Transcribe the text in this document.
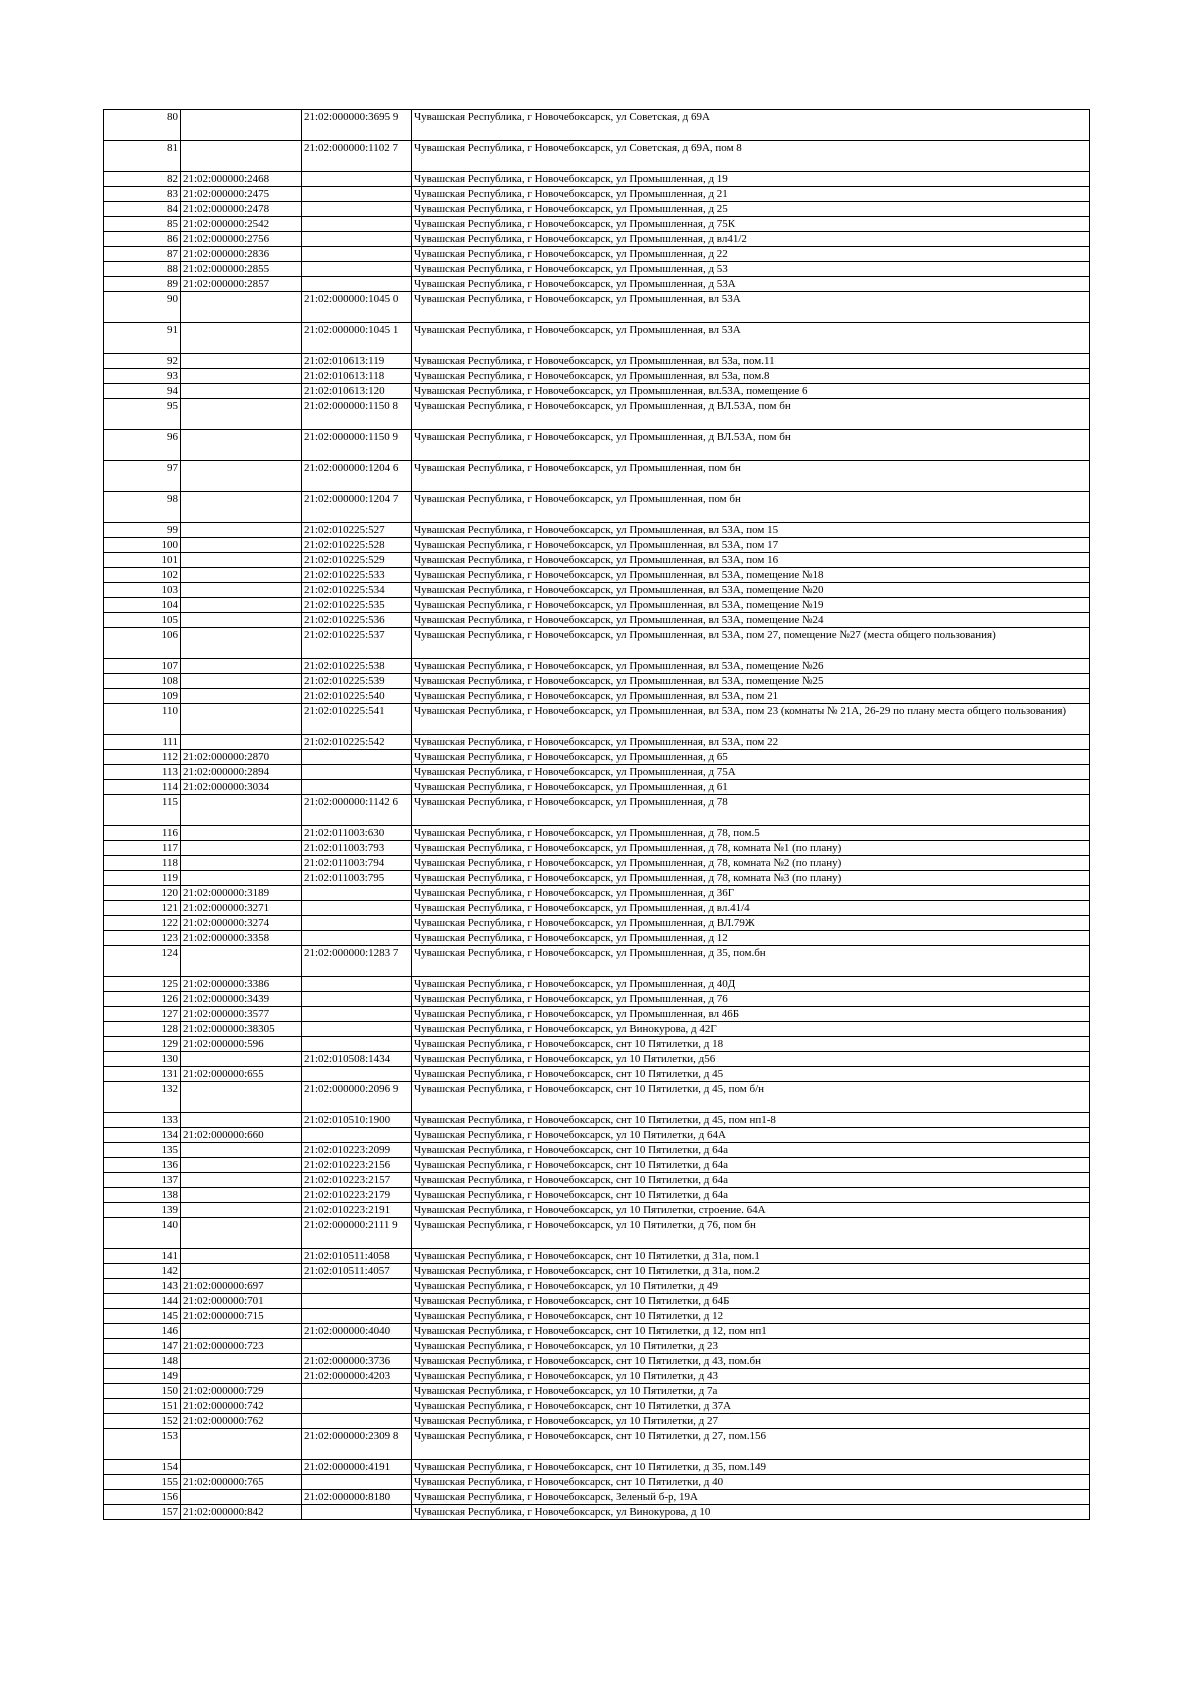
80		21:02:000000:3695 9	Чувашская Республика, г Новочебоксарск, ул Советская, д 69А
81		21:02:000000:1102 7	Чувашская Республика, г Новочебоксарск, ул Советская, д 69А, пом 8
82	21:02:000000:2468		Чувашская Республика, г Новочебоксарск, ул Промышленная, д 19
83	21:02:000000:2475		Чувашская Республика, г Новочебоксарск, ул Промышленная, д 21
84	21:02:000000:2478		Чувашская Республика, г Новочебоксарск, ул Промышленная, д 25
85	21:02:000000:2542		Чувашская Республика, г Новочебоксарск, ул Промышленная, д 75К
86	21:02:000000:2756		Чувашская Республика, г Новочебоксарск, ул Промышленная, д вл41/2
87	21:02:000000:2836		Чувашская Республика, г Новочебоксарск, ул Промышленная, д 22
88	21:02:000000:2855		Чувашская Республика, г Новочебоксарск, ул Промышленная, д 53
89	21:02:000000:2857		Чувашская Республика, г Новочебоксарск, ул Промышленная, д 53А
90		21:02:000000:1045 0	Чувашская Республика, г Новочебоксарск, ул Промышленная, вл 53А
91		21:02:000000:1045 1	Чувашская Республика, г Новочебоксарск, ул Промышленная, вл 53А
92		21:02:010613:119	Чувашская Республика, г Новочебоксарск, ул Промышленная, вл 53а, пом.11
93		21:02:010613:118	Чувашская Республика, г Новочебоксарск, ул Промышленная, вл 53а, пом.8
94		21:02:010613:120	Чувашская Республика, г Новочебоксарск, ул Промышленная, вл.53А, помещение 6
95		21:02:000000:1150 8	Чувашская Республика, г Новочебоксарск, ул Промышленная, д ВЛ.53А, пом бн
96		21:02:000000:1150 9	Чувашская Республика, г Новочебоксарск, ул Промышленная, д ВЛ.53А, пом бн
97		21:02:000000:1204 6	Чувашская Республика, г Новочебоксарск, ул Промышленная, пом бн
98		21:02:000000:1204 7	Чувашская Республика, г Новочебоксарск, ул Промышленная, пом бн
99		21:02:010225:527	Чувашская Республика, г Новочебоксарск, ул Промышленная, вл 53А, пом 15
100		21:02:010225:528	Чувашская Республика, г Новочебоксарск, ул Промышленная, вл 53А, пом 17
101		21:02:010225:529	Чувашская Республика, г Новочебоксарск, ул Промышленная, вл 53А, пом 16
102		21:02:010225:533	Чувашская Республика, г Новочебоксарск, ул Промышленная, вл 53А, помещение №18
103		21:02:010225:534	Чувашская Республика, г Новочебоксарск, ул Промышленная, вл 53А, помещение №20
104		21:02:010225:535	Чувашская Республика, г Новочебоксарск, ул Промышленная, вл 53А, помещение №19
105		21:02:010225:536	Чувашская Республика, г Новочебоксарск, ул Промышленная, вл 53А, помещение №24
106		21:02:010225:537	Чувашская Республика, г Новочебоксарск, ул Промышленная, вл 53А, пом 27, помещение №27 (места общего пользования)
107		21:02:010225:538	Чувашская Республика, г Новочебоксарск, ул Промышленная, вл 53А, помещение №26
108		21:02:010225:539	Чувашская Республика, г Новочебоксарск, ул Промышленная, вл 53А, помещение №25
109		21:02:010225:540	Чувашская Республика, г Новочебоксарск, ул Промышленная, вл 53А, пом 21
110		21:02:010225:541	Чувашская Республика, г Новочебоксарск, ул Промышленная, вл 53А, пом 23 (комнаты № 21А, 26-29 по плану места общего пользования)
111		21:02:010225:542	Чувашская Республика, г Новочебоксарск, ул Промышленная, вл 53А, пом 22
112	21:02:000000:2870		Чувашская Республика, г Новочебоксарск, ул Промышленная, д 65
113	21:02:000000:2894		Чувашская Республика, г Новочебоксарск, ул Промышленная, д 75А
114	21:02:000000:3034		Чувашская Республика, г Новочебоксарск, ул Промышленная, д 61
115		21:02:000000:1142 6	Чувашская Республика, г Новочебоксарск, ул Промышленная, д 78
116		21:02:011003:630	Чувашская Республика, г Новочебоксарск, ул Промышленная, д 78, пом.5
117		21:02:011003:793	Чувашская Республика, г Новочебоксарск, ул Промышленная, д 78, комната №1 (по плану)
118		21:02:011003:794	Чувашская Республика, г Новочебоксарск, ул Промышленная, д 78, комната №2 (по плану)
119		21:02:011003:795	Чувашская Республика, г Новочебоксарск, ул Промышленная, д 78, комната №3 (по плану)
120	21:02:000000:3189		Чувашская Республика, г Новочебоксарск, ул Промышленная, д 36Г
121	21:02:000000:3271		Чувашская Республика, г Новочебоксарск, ул Промышленная, д вл.41/4
122	21:02:000000:3274		Чувашская Республика, г Новочебоксарск, ул Промышленная, д ВЛ.79Ж
123	21:02:000000:3358		Чувашская Республика, г Новочебоксарск, ул Промышленная, д 12
124		21:02:000000:1283 7	Чувашская Республика, г Новочебоксарск, ул Промышленная, д 35, пом.бн
125	21:02:000000:3386		Чувашская Республика, г Новочебоксарск, ул Промышленная, д 40Д
126	21:02:000000:3439		Чувашская Республика, г Новочебоксарск, ул Промышленная, д 76
127	21:02:000000:3577		Чувашская Республика, г Новочебоксарск, ул Промышленная, вл 46Б
128	21:02:000000:38305		Чувашская Республика, г Новочебоксарск, ул Винокурова, д 42Г
129	21:02:000000:596		Чувашская Республика, г Новочебоксарск, снт 10 Пятилетки, д 18
130		21:02:010508:1434	Чувашская Республика, г Новочебоксарск, ул 10 Пятилетки, д56
131	21:02:000000:655		Чувашская Республика, г Новочебоксарск, снт 10 Пятилетки, д 45
132		21:02:000000:2096 9	Чувашская Республика, г Новочебоксарск, снт 10 Пятилетки, д 45, пом б/н
133		21:02:010510:1900	Чувашская Республика, г Новочебоксарск, снт 10 Пятилетки, д 45, пом нп1-8
134	21:02:000000:660		Чувашская Республика, г Новочебоксарск, ул 10 Пятилетки, д 64А
135		21:02:010223:2099	Чувашская Республика, г Новочебоксарск, снт 10 Пятилетки, д 64а
136		21:02:010223:2156	Чувашская Республика, г Новочебоксарск, снт 10 Пятилетки, д 64а
137		21:02:010223:2157	Чувашская Республика, г Новочебоксарск, снт 10 Пятилетки, д 64а
138		21:02:010223:2179	Чувашская Республика, г Новочебоксарск, снт 10 Пятилетки, д 64а
139		21:02:010223:2191	Чувашская Республика, г Новочебоксарск, ул 10 Пятилетки, строение. 64А
140		21:02:000000:2111 9	Чувашская Республика, г Новочебоксарск, ул 10 Пятилетки, д 76, пом бн
141		21:02:010511:4058	Чувашская Республика, г Новочебоксарск, снт 10 Пятилетки, д 31а, пом.1
142		21:02:010511:4057	Чувашская Республика, г Новочебоксарск, снт 10 Пятилетки, д 31а, пом.2
143	21:02:000000:697		Чувашская Республика, г Новочебоксарск, ул 10 Пятилетки, д 49
144	21:02:000000:701		Чувашская Республика, г Новочебоксарск, снт 10 Пятилетки, д 64Б
145	21:02:000000:715		Чувашская Республика, г Новочебоксарск, снт 10 Пятилетки, д 12
146		21:02:000000:4040	Чувашская Республика, г Новочебоксарск, снт 10 Пятилетки, д 12, пом нп1
147	21:02:000000:723		Чувашская Республика, г Новочебоксарск, ул 10 Пятилетки, д 23
148		21:02:000000:3736	Чувашская Республика, г Новочебоксарск, снт 10 Пятилетки, д 43, пом.бн
149		21:02:000000:4203	Чувашская Республика, г Новочебоксарск, ул 10 Пятилетки, д 43
150	21:02:000000:729		Чувашская Республика, г Новочебоксарск, ул 10 Пятилетки, д 7а
151	21:02:000000:742		Чувашская Республика, г Новочебоксарск, снт 10 Пятилетки, д 37А
152	21:02:000000:762		Чувашская Республика, г Новочебоксарск, ул 10 Пятилетки, д 27
153		21:02:000000:2309 8	Чувашская Республика, г Новочебоксарск, снт 10 Пятилетки, д 27, пом.156
154		21:02:000000:4191	Чувашская Республика, г Новочебоксарск, снт 10 Пятилетки, д 35, пом.149
155	21:02:000000:765		Чувашская Республика, г Новочебоксарск, снт 10 Пятилетки, д 40
156		21:02:000000:8180	Чувашская Республика, г Новочебоксарск, Зеленый б-р, 19А
157	21:02:000000:842		Чувашская Республика, г Новочебоксарск, ул Винокурова, д 10
